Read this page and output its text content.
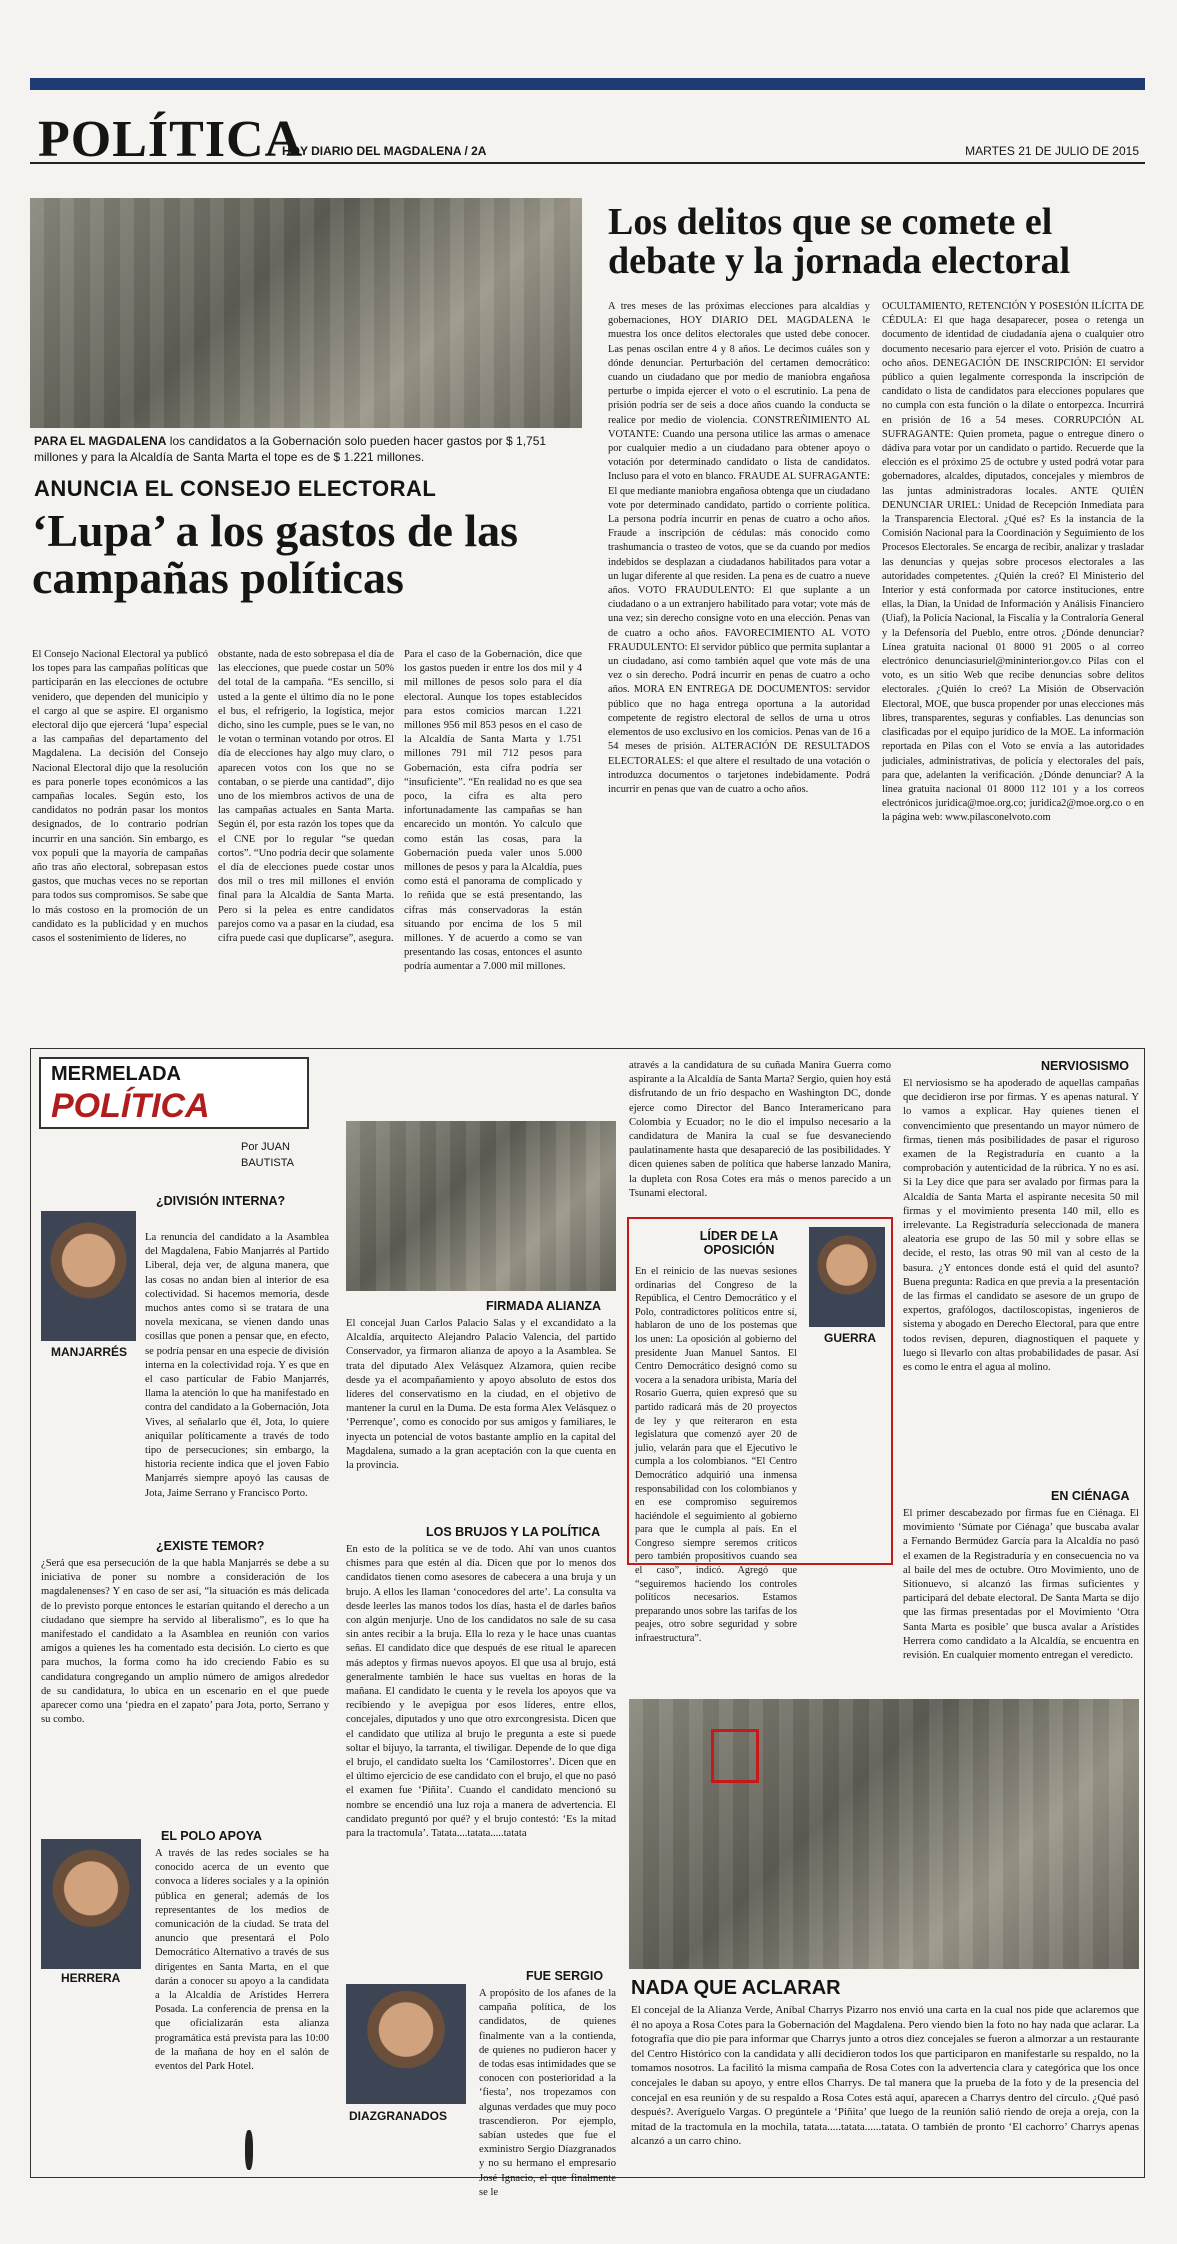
POLÍTICA
HOY DIARIO DEL MAGDALENA / 2A	MARTES 21 DE JULIO DE 2015
PARA EL MAGDALENA los candidatos a la Gobernación solo pueden hacer gastos por $ 1,751 millones y para la Alcaldía de Santa Marta el tope es de $ 1.221 millones.
ANUNCIA EL CONSEJO ELECTORAL
‘Lupa’ a los gastos de las campañas políticas
El Consejo Nacional Electoral ya publicó los topes para las campañas políticas que participarán en las elecciones de octubre venidero, que dependen del municipio y el cargo al que se aspire. El organismo electoral dijo que ejercerá ‘lupa’ especial a las campañas del departamento del Magdalena. La decisión del Consejo Nacional Electoral dijo que la resolución es para ponerle topes económicos a las campañas locales. Según esto, los candidatos no podrán pasar los montos designados, de lo contrario podrían incurrir en una sanción. Sin embargo, es vox populi que la mayoría de campañas año tras año electoral, sobrepasan estos gastos, que muchas veces no se reportan para todos sus compromisos. Se sabe que lo más costoso en la promoción de un candidato es la publicidad y en muchos casos el sostenimiento de líderes, no
obstante, nada de esto sobrepasa el día de las elecciones, que puede costar un 50% del total de la campaña. “Es sencillo, si usted a la gente el último día no le pone el bus, el refrigerio, la logística, mejor dicho, sino les cumple, pues se le van, no le votan o terminan votando por otros. El día de elecciones hay algo muy claro, o aparecen votos con los que no se contaban, o se pierde una cantidad”, dijo uno de los miembros activos de una de las campañas actuales en Santa Marta. Según él, por esta razón los topes que da el CNE por lo regular “se quedan cortos”. “Uno podría decir que solamente el día de elecciones puede costar unos dos mil o tres mil millones el envión final para la Alcaldía de Santa Marta. Pero si la pelea es entre candidatos parejos como va a pasar en la ciudad, esa cifra puede casi que duplicarse”, asegura.
Para el caso de la Gobernación, dice que los gastos pueden ir entre los dos mil y 4 mil millones de pesos solo para el día electoral. Aunque los topes establecidos para estos comicios marcan 1.221 millones 956 mil 853 pesos en el caso de la Alcaldía de Santa Marta y 1.751 millones 791 mil 712 pesos para Gobernación, esta cifra podría ser “insuficiente”. “En realidad no es que sea poco, la cifra es alta pero infortunadamente las campañas se han encarecido un montón. Yo calculo que como están las cosas, para la Gobernación pueda valer unos 5.000 millones de pesos y para la Alcaldía, pues como está el panorama de complicado y lo reñida que se está presentando, las cifras más conservadoras la están situando por encima de los 5 mil millones. Y de acuerdo a como se van presentando las cosas, entonces el asunto podría aumentar a 7.000 mil millones.
Los delitos que se comete el debate y la jornada electoral
A tres meses de las próximas elecciones para alcaldías y gobernaciones, HOY DIARIO DEL MAGDALENA le muestra los once delitos electorales que usted debe conocer. Las penas oscilan entre 4 y 8 años. Le decimos cuáles son y dónde denunciar. Perturbación del certamen democrático: cuando un ciudadano que por medio de maniobra engañosa perturbe o impida ejercer el voto o el escrutinio. La pena de prisión podría ser de seis a doce años cuando la conducta se realice por medio de violencia. CONSTREÑIMIENTO AL VOTANTE: Cuando una persona utilice las armas o amenace por cualquier medio a un ciudadano para obtener apoyo o votación por determinado candidato o lista de candidatos. Incluso para el voto en blanco. FRAUDE AL SUFRAGANTE: El que mediante maniobra engañosa obtenga que un ciudadano vote por determinado candidato, partido o corriente política. La persona podría incurrir en penas de cuatro a ocho años. Fraude a inscripción de cédulas: más conocido como trashumancia o trasteo de votos, que se da cuando por medios indebidos se desplazan a ciudadanos habilitados para votar a un lugar diferente al que residen. La pena es de cuatro a nueve años. VOTO FRAUDULENTO: El que suplante a un ciudadano o a un extranjero habilitado para votar; vote más de una vez; sin derecho consigne voto en una elección. Penas van de cuatro a ocho años. FAVORECIMIENTO AL VOTO FRAUDULENTO: El servidor público que permita suplantar a un ciudadano, así como también aquel que vote más de una vez o sin derecho. Podrá incurrir en penas de cuatro a ocho años. MORA EN ENTREGA DE DOCUMENTOS: servidor público que no haga entrega oportuna a la autoridad competente de registro electoral de sellos de urna u otros elementos de uso exclusivo en los comicios. Penas van de 16 a 54 meses de prisión. ALTERACIÓN DE RESULTADOS ELECTORALES: el que altere el resultado de una votación o introduzca documentos o tarjetones indebidamente. Podrá incurrir en penas que van de cuatro a ocho años.
OCULTAMIENTO, RETENCIÓN Y POSESIÓN ILÍCITA DE CÉDULA: El que haga desaparecer, posea o retenga un documento de identidad de ciudadanía ajena o cualquier otro documento necesario para ejercer el voto. Prisión de cuatro a ocho años. DENEGACIÓN DE INSCRIPCIÓN: El servidor público a quien legalmente corresponda la inscripción de candidato o lista de candidatos para elecciones populares que no cumpla con esta función o la dilate o entorpezca. Incurrirá en prisión de 16 a 54 meses. CORRUPCIÓN AL SUFRAGANTE: Quien prometa, pague o entregue dinero o dádiva para votar por un candidato o partido. Recuerde que la elección es el próximo 25 de octubre y usted podrá votar para gobernadores, alcaldes, diputados, concejales y miembros de las juntas administradoras locales. ANTE QUIÉN DENUNCIAR URIEL: Unidad de Recepción Inmediata para la Transparencia Electoral. ¿Qué es? Es la instancia de la Comisión Nacional para la Coordinación y Seguimiento de los Procesos Electorales. Se encarga de recibir, analizar y trasladar las denuncias y quejas sobre procesos electorales a las autoridades competentes. ¿Quién la creó? El Ministerio del Interior y está conformada por catorce instituciones, entre ellas, la Dian, la Unidad de Información y Análisis Financiero (Uiaf), la Policía Nacional, la Fiscalía y la Contraloría General y la Defensoría del Pueblo, entre otros. ¿Dónde denunciar? Línea gratuita nacional 01 8000 91 2005 o al correo electrónico denunciasuriel@mininterior.gov.co Pilas con el voto, es un sitio Web que recibe denuncias sobre delitos electorales. ¿Quién lo creó? La Misión de Observación Electoral, MOE, que busca propender por unas elecciones más libres, transparentes, seguras y confiables. Las denuncias son clasificadas por el equipo jurídico de la MOE. La información reportada en Pilas con el Voto se envía a las autoridades judiciales, administrativas, de policía y electorales del país, para que, adelanten la verificación. ¿Dónde denunciar? A la línea gratuita nacional 01 8000 112 101 y a los correos electrónicos juridica@moe.org.co; juridica2@moe.org.co o en la página web: www.pilasconelvoto.com
MERMELADA
POLÍTICA
Por JUAN BAUTISTA
MANJARRÉS
¿DIVISIÓN INTERNA?
La renuncia del candidato a la Asamblea del Magdalena, Fabio Manjarrés al Partido Liberal, deja ver, de alguna manera, que las cosas no andan bien al interior de esa colectividad. Si hacemos memoria, desde muchos antes como si se tratara de una novela mexicana, se vienen dando unas cosillas que ponen a pensar que, en efecto, se podría pensar en una especie de división interna en la colectividad roja. Y es que en el caso particular de Fabio Manjarrés, llama la atención lo que ha manifestado en contra del candidato a la Gobernación, Jota Vives, al señalarlo que él, Jota, lo quiere aniquilar políticamente a través de todo tipo de persecuciones; sin embargo, la historia reciente indica que el joven Fabio Manjarrés siempre apoyó las causas de Jota, Jaime Serrano y Francisco Porto.
¿EXISTE TEMOR?
¿Será que esa persecución de la que habla Manjarrés se debe a su iniciativa de poner su nombre a consideración de los magdalenenses? Y en caso de ser así, “la situación es más delicada de lo previsto porque entonces le estarían quitando el derecho a un ciudadano que siempre ha servido al liberalismo”, es lo que ha manifestado el candidato a la Asamblea en reunión con varios amigos a quienes les ha comentado esta decisión. Lo cierto es que para muchos, la forma como ha ido creciendo Fabio es su candidatura congregando un amplio número de amigos alrededor de su candidatura, lo ubica en un escenario en el que puede aparecer como una ‘piedra en el zapato’ para Jota, porto, Serrano y su combo.
HERRERA
EL POLO APOYA
A través de las redes sociales se ha conocido acerca de un evento que convoca a líderes sociales y a la opinión pública en general; además de los representantes de los medios de comunicación de la ciudad. Se trata del anuncio que presentará el Polo Democrático Alternativo a través de sus dirigentes en Santa Marta, en el que darán a conocer su apoyo a la candidata a la Alcaldía de Arístides Herrera Posada. La conferencia de prensa en la que oficializarán esta alianza programática está prevista para las 10:00 de la mañana de hoy en el salón de eventos del Park Hotel.
FIRMADA ALIANZA
El concejal Juan Carlos Palacio Salas y el excandidato a la Alcaldía, arquitecto Alejandro Palacio Valencia, del partido Conservador, ya firmaron alianza de apoyo a la Asamblea. Se trata del diputado Alex Velásquez Alzamora, quien recibe desde ya el acompañamiento y apoyo absoluto de estos dos líderes del conservatismo en la ciudad, en el objetivo de mantener la curul en la Duma. De esta forma Alex Velásquez o ‘Perrenque’, como es conocido por sus amigos y familiares, le inyecta un potencial de votos bastante amplio en la capital del Magdalena, sumado a la gran aceptación con la que cuenta en la provincia.
LOS BRUJOS Y LA POLÍTICA
En esto de la política se ve de todo. Ahí van unos cuantos chismes para que estén al día. Dicen que por lo menos dos candidatos tienen como asesores de cabecera a una bruja y un brujo. A ellos les llaman ‘conocedores del arte’. La consulta va desde leerles las manos todos los días, hasta el de darles baños con algún menjurje. Uno de los candidatos no sale de su casa sin antes recibir a la bruja. Ella lo reza y le hace unas cuantas señas. El candidato dice que después de ese ritual le aparecen más adeptos y firmas nuevos apoyos. El que usa al brujo, está generalmente también le hace sus vueltas en horas de la mañana. El candidato le cuenta y le revela los apoyos que va recibiendo y le avepigua por esos líderes, entre ellos, concejales, diputados y uno que otro exrcongresista. Dicen que el candidato que utiliza al brujo le pregunta a este si puede soltar el bijuyo, la tarranta, el tiwiligar. Depende de lo que diga el brujo, el candidato suelta los ‘Camilostorres’. Dicen que en el último ejercicio de ese candidato con el brujo, el que no pasó el examen fue ‘Piñita’. Cuando el candidato mencionó su nombre se encendió una luz roja a manera de advertencia. El candidato preguntó por qué? y el brujo contestó: ‘Es la mitad para la tractomula’. Tatata....tatata.....tatata
DIAZGRANADOS
FUE SERGIO
A propósito de los afanes de la campaña política, de los candidatos, de quienes finalmente van a la contienda, de quienes no pudieron hacer y de todas esas intimidades que se conocen con posterioridad a la ‘fiesta’, nos tropezamos con algunas verdades que muy poco trascendieron. Por ejemplo, sabían ustedes que fue el exministro Sergio Díazgranados y no su hermano el empresario José Ignacio, el que finalmente se le
através a la candidatura de su cuñada Manira Guerra como aspirante a la Alcaldía de Santa Marta? Sergio, quien hoy está disfrutando de un frío despacho en Washington DC, donde ejerce como Director del Banco Interamericano para Colombia y Ecuador; no le dio el impulso necesario a la candidatura de Manira la cual se fue desvaneciendo paulatinamente hasta que desapareció de las posibilidades. Y dicen quienes saben de política que haberse lanzado Manira, la dupleta con Rosa Cotes era más o menos parecido a un Tsunami electoral.
LÍDER DE LA OPOSICIÓN
GUERRA
En el reinicio de las nuevas sesiones ordinarias del Congreso de la República, el Centro Democrático y el Polo, contradictores políticos entre sí, hablaron de uno de los postemas que los unen: La oposición al gobierno del presidente Juan Manuel Santos. El Centro Democrático designó como su vocera a la senadora uribista, María del Rosario Guerra, quien expresó que su partido radicará más de 20 proyectos de ley y que reiteraron en esta legislatura que comenzó ayer 20 de julio, velarán para que el Ejecutivo le cumpla a los colombianos. “El Centro Democrático adquirió una inmensa responsabilidad con los colombianos y en ese compromiso seguiremos haciéndole el seguimiento al gobierno para que le cumpla al país. En el Congreso siempre seremos críticos pero también propositivos cuando sea el caso”, indicó. Agregó que “seguiremos haciendo los controles políticos necesarios. Estamos preparando unos sobre las tarifas de los peajes, otro sobre seguridad y sobre infraestructura”.
NERVIOSISMO
El nerviosismo se ha apoderado de aquellas campañas que decidieron irse por firmas. Y es apenas natural. Y lo vamos a explicar. Hay quienes tienen el convencimiento que presentando un mayor número de firmas, tienen más posibilidades de pasar el riguroso examen de la Registraduría en cuanto a la comprobación y autenticidad de la rúbrica. Y no es así. Si la Ley dice que para ser avalado por firmas para la Alcaldía de Santa Marta el aspirante necesita 50 mil firmas y el movimiento presenta 140 mil, ello es irrelevante. La Registraduría seleccionada de manera aleatoria ese grupo de las 50 mil y sobre ellas se decide, el resto, las otras 90 mil van al cesto de la basura. ¿Y entonces donde está el quid del asunto? Buena pregunta: Radica en que previa a la presentación de las firmas el candidato se asesore de un grupo de expertos, grafólogos, dactiloscopistas, ingenieros de sistema y abogado en Derecho Electoral, para que entre todos revisen, depuren, diagnostiquen el paquete y luego si llevarlo con altas probabilidades de pasar. Así es como le entra el agua al molino.
EN CIÉNAGA
El primer descabezado por firmas fue en Ciénaga. El movimiento ‘Súmate por Ciénaga’ que buscaba avalar a Fernando Bermúdez García para la Alcaldía no pasó el examen de la Registraduría y en consecuencia no va al baile del mes de octubre. Otro Movimiento, uno de Sitionuevo, si alcanzó las firmas suficientes y participará del debate electoral. De Santa Marta se dijo que las firmas presentadas por el Movimiento ‘Otra Santa Marta es posible’ que busca avalar a Arístides Herrera como candidato a la Alcaldía, se encuentra en revisión. En cualquier momento entregan el veredicto.
NADA QUE ACLARAR
El concejal de la Alianza Verde, Aníbal Charrys Pizarro nos envió una carta en la cual nos pide que aclaremos que él no apoya a Rosa Cotes para la Gobernación del Magdalena. Pero viendo bien la foto no hay nada que aclarar. La fotografía que dio pie para informar que Charrys junto a otros diez concejales se fueron a almorzar a un restaurante del Centro Histórico con la candidata y allí decidieron todos los que participaron en manifestarle su respaldo, no la tomamos nosotros. La facilitó la misma campaña de Rosa Cotes con la advertencia clara y categórica que los once concejales le daban su apoyo, y entre ellos Charrys. De tal manera que la prueba de la foto y de la presencia del concejal en esa reunión y de su respaldo a Rosa Cotes está aquí, aparecen a Charrys dentro del círculo. ¿Qué pasó después?. Averíguelo Vargas. O pregúntele a ‘Piñita’ que luego de la reunión salió riendo de oreja a oreja, con la mitad de la tractomula en la mochila, tatata.....tatata......tatata. O también de pronto ‘El cachorro’ Charrys apenas alcanzó a un carro chino.
